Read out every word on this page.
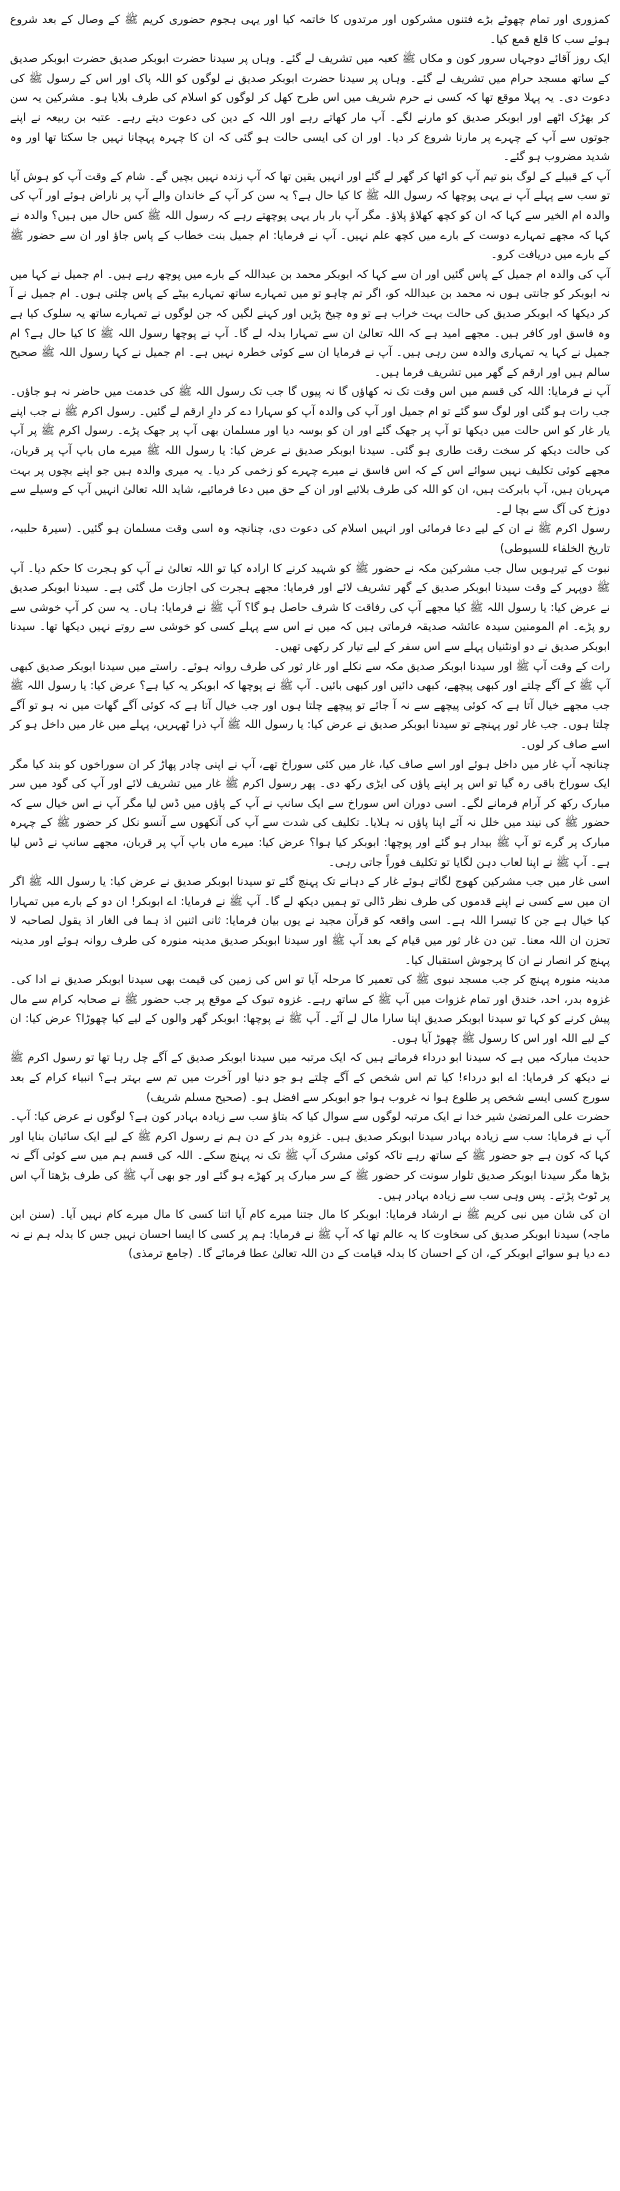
کمزوری اور تمام چھوٹے بڑے فتنوں مشرکوں اور مرتدوں کا خاتمہ کیا اور یہی ہجوم حضوری کریم ﷺ کے وصال کے بعد شروع ہوئے سب کا قلع قمع کیا۔

ایک روز آقائے دوجہاں سرور کون و مکاں ﷺ کعبہ میں تشریف لے گئے۔ وہاں پر سیدنا حضرت ابوبکر صدیق حضرت ابوبکر صدیق کے ساتھ مسجد حرام میں تشریف لے گئے۔ وہاں پر سیدنا حضرت ابوبکر صدیق نے لوگوں کو اللہ پاک اور اس کے رسول ﷺ کی دعوت دی۔ یہ پہلا موقع تھا کہ کسی نے حرم شریف میں اس طرح کھل کر لوگوں کو اسلام کی طرف بلایا ہو۔ مشرکین یہ سن کر بھڑک اٹھے اور ابوبکر صدیق کو مارنے لگے۔ آپ مار کھاتے رہے اور اللہ کے دین کی دعوت دیتے رہے۔ عتبہ بن ربیعہ نے اپنے جوتوں سے آپ کے چہرے پر مارنا شروع کر دیا۔ اور ان کی ایسی حالت ہو گئی کہ ان کا چہرہ پہچانا نہیں جا سکتا تھا اور وہ شدید مضروب ہو گئے۔

آپ کے قبیلے کے لوگ بنو تیم آپ کو اٹھا کر گھر لے گئے اور انہیں یقین تھا کہ آپ زندہ نہیں بچیں گے۔ شام کے وقت آپ کو ہوش آیا تو سب سے پہلے آپ نے یہی پوچھا کہ رسول اللہ ﷺ کا کیا حال ہے؟ یہ سن کر آپ کے خاندان والے آپ پر ناراض ہوئے اور آپ کی والدہ ام الخیر سے کہا کہ ان کو کچھ کھلاؤ پلاؤ۔ مگر آپ بار بار یہی پوچھتے رہے کہ رسول اللہ ﷺ کس حال میں ہیں؟ والدہ نے کہا کہ مجھے تمہارے دوست کے بارے میں کچھ علم نہیں۔ آپ نے فرمایا: ام جمیل بنت خطاب کے پاس جاؤ اور ان سے حضور ﷺ کے بارے میں دریافت کرو۔

آپ کی والدہ ام جمیل کے پاس گئیں اور ان سے کہا کہ ابوبکر محمد بن عبداللہ کے بارے میں پوچھ رہے ہیں۔ ام جمیل نے کہا میں نہ ابوبکر کو جانتی ہوں نہ محمد بن عبداللہ کو، اگر تم چاہو تو میں تمہارے ساتھ تمہارے بیٹے کے پاس چلتی ہوں۔ ام جمیل نے آ کر دیکھا کہ ابوبکر صدیق کی حالت بہت خراب ہے تو وہ چیخ پڑیں اور کہنے لگیں کہ جن لوگوں نے تمہارے ساتھ یہ سلوک کیا ہے وہ فاسق اور کافر ہیں۔ مجھے امید ہے کہ اللہ تعالیٰ ان سے تمہارا بدلہ لے گا۔ آپ نے پوچھا رسول اللہ ﷺ کا کیا حال ہے؟ ام جمیل نے کہا یہ تمہاری والدہ سن رہی ہیں۔ آپ نے فرمایا ان سے کوئی خطرہ نہیں ہے۔ ام جمیل نے کہا رسول اللہ ﷺ صحیح سالم ہیں اور ارقم کے گھر میں تشریف فرما ہیں۔

آپ نے فرمایا: اللہ کی قسم میں اس وقت تک نہ کھاؤں گا نہ پیوں گا جب تک رسول اللہ ﷺ کی خدمت میں حاضر نہ ہو جاؤں۔ جب رات ہو گئی اور لوگ سو گئے تو ام جمیل اور آپ کی والدہ آپ کو سہارا دے کر دارِ ارقم لے گئیں۔ رسول اکرم ﷺ نے جب اپنے یار غار کو اس حالت میں دیکھا تو آپ پر جھک گئے اور ان کو بوسہ دیا اور مسلمان بھی آپ پر جھک پڑے۔ رسول اکرم ﷺ پر آپ کی حالت دیکھ کر سخت رقت طاری ہو گئی۔ سیدنا ابوبکر صدیق نے عرض کیا: یا رسول اللہ ﷺ میرے ماں باپ آپ پر قربان، مجھے کوئی تکلیف نہیں سوائے اس کے کہ اس فاسق نے میرے چہرے کو زخمی کر دیا۔ یہ میری والدہ ہیں جو اپنے بچوں پر بہت مہربان ہیں، آپ بابرکت ہیں، ان کو اللہ کی طرف بلائیے اور ان کے حق میں دعا فرمائیے، شاید اللہ تعالیٰ انہیں آپ کے وسیلے سے دوزخ کی آگ سے بچا لے۔

رسول اکرم ﷺ نے ان کے لیے دعا فرمائی اور انہیں اسلام کی دعوت دی، چنانچہ وہ اسی وقت مسلمان ہو گئیں۔ (سیرۃ حلبیہ، تاریخ الخلفاء للسیوطی)

نبوت کے تیرہویں سال جب مشرکین مکہ نے حضور ﷺ کو شہید کرنے کا ارادہ کیا تو اللہ تعالیٰ نے آپ کو ہجرت کا حکم دیا۔ آپ ﷺ دوپہر کے وقت سیدنا ابوبکر صدیق کے گھر تشریف لائے اور فرمایا: مجھے ہجرت کی اجازت مل گئی ہے۔ سیدنا ابوبکر صدیق نے عرض کیا: یا رسول اللہ ﷺ کیا مجھے آپ کی رفاقت کا شرف حاصل ہو گا؟ آپ ﷺ نے فرمایا: ہاں۔ یہ سن کر آپ خوشی سے رو پڑے۔ ام المومنین سیدہ عائشہ صدیقہ فرماتی ہیں کہ میں نے اس سے پہلے کسی کو خوشی سے روتے نہیں دیکھا تھا۔ سیدنا ابوبکر صدیق نے دو اونٹنیاں پہلے سے اس سفر کے لیے تیار کر رکھی تھیں۔

رات کے وقت آپ ﷺ اور سیدنا ابوبکر صدیق مکہ سے نکلے اور غار ثور کی طرف روانہ ہوئے۔ راستے میں سیدنا ابوبکر صدیق کبھی آپ ﷺ کے آگے چلتے اور کبھی پیچھے، کبھی دائیں اور کبھی بائیں۔ آپ ﷺ نے پوچھا کہ ابوبکر یہ کیا ہے؟ عرض کیا: یا رسول اللہ ﷺ جب مجھے خیال آتا ہے کہ کوئی پیچھے سے نہ آ جائے تو پیچھے چلتا ہوں اور جب خیال آتا ہے کہ کوئی آگے گھات میں نہ ہو تو آگے چلتا ہوں۔ جب غار ثور پہنچے تو سیدنا ابوبکر صدیق نے عرض کیا: یا رسول اللہ ﷺ آپ ذرا ٹھہریں، پہلے میں غار میں داخل ہو کر اسے صاف کر لوں۔

چنانچہ آپ غار میں داخل ہوئے اور اسے صاف کیا، غار میں کئی سوراخ تھے، آپ نے اپنی چادر پھاڑ کر ان سوراخوں کو بند کیا مگر ایک سوراخ باقی رہ گیا تو اس پر اپنے پاؤں کی ایڑی رکھ دی۔ پھر رسول اکرم ﷺ غار میں تشریف لائے اور آپ کی گود میں سر مبارک رکھ کر آرام فرمانے لگے۔ اسی دوران اس سوراخ سے ایک سانپ نے آپ کے پاؤں میں ڈس لیا مگر آپ نے اس خیال سے کہ حضور ﷺ کی نیند میں خلل نہ آئے اپنا پاؤں نہ ہلایا۔ تکلیف کی شدت سے آپ کی آنکھوں سے آنسو نکل کر حضور ﷺ کے چہرہ مبارک پر گرے تو آپ ﷺ بیدار ہو گئے اور پوچھا: ابوبکر کیا ہوا؟ عرض کیا: میرے ماں باپ آپ پر قربان، مجھے سانپ نے ڈس لیا ہے۔ آپ ﷺ نے اپنا لعاب دہن لگایا تو تکلیف فوراً جاتی رہی۔

اسی غار میں جب مشرکین کھوج لگاتے ہوئے غار کے دہانے تک پہنچ گئے تو سیدنا ابوبکر صدیق نے عرض کیا: یا رسول اللہ ﷺ اگر ان میں سے کسی نے اپنے قدموں کی طرف نظر ڈالی تو ہمیں دیکھ لے گا۔ آپ ﷺ نے فرمایا: اے ابوبکر! ان دو کے بارے میں تمہارا کیا خیال ہے جن کا تیسرا اللہ ہے۔ اسی واقعہ کو قرآن مجید نے یوں بیان فرمایا: ثانی اثنین اذ ہما فی الغار اذ یقول لصاحبہ لا تحزن ان اللہ معنا۔ تین دن غار ثور میں قیام کے بعد آپ ﷺ اور سیدنا ابوبکر صدیق مدینہ منورہ کی طرف روانہ ہوئے اور مدینہ پہنچ کر انصار نے ان کا پرجوش استقبال کیا۔

مدینہ منورہ پہنچ کر جب مسجد نبوی ﷺ کی تعمیر کا مرحلہ آیا تو اس کی زمین کی قیمت بھی سیدنا ابوبکر صدیق نے ادا کی۔ غزوہ بدر، احد، خندق اور تمام غزوات میں آپ ﷺ کے ساتھ رہے۔ غزوہ تبوک کے موقع پر جب حضور ﷺ نے صحابہ کرام سے مال پیش کرنے کو کہا تو سیدنا ابوبکر صدیق اپنا سارا مال لے آئے۔ آپ ﷺ نے پوچھا: ابوبکر گھر والوں کے لیے کیا چھوڑا؟ عرض کیا: ان کے لیے اللہ اور اس کا رسول ﷺ چھوڑ آیا ہوں۔

حدیث مبارکہ میں ہے کہ سیدنا ابو درداء فرماتے ہیں کہ ایک مرتبہ میں سیدنا ابوبکر صدیق کے آگے چل رہا تھا تو رسول اکرم ﷺ نے دیکھ کر فرمایا: اے ابو درداء! کیا تم اس شخص کے آگے چلتے ہو جو دنیا اور آخرت میں تم سے بہتر ہے؟ انبیاء کرام کے بعد سورج کسی ایسے شخص پر طلوع ہوا نہ غروب ہوا جو ابوبکر سے افضل ہو۔ (صحیح مسلم شریف)

حضرت علی المرتضیٰ شیر خدا نے ایک مرتبہ لوگوں سے سوال کیا کہ بتاؤ سب سے زیادہ بہادر کون ہے؟ لوگوں نے عرض کیا: آپ۔ آپ نے فرمایا: سب سے زیادہ بہادر سیدنا ابوبکر صدیق ہیں۔ غزوہ بدر کے دن ہم نے رسول اکرم ﷺ کے لیے ایک سائبان بنایا اور کہا کہ کون ہے جو حضور ﷺ کے ساتھ رہے تاکہ کوئی مشرک آپ ﷺ تک نہ پہنچ سکے۔ اللہ کی قسم ہم میں سے کوئی آگے نہ بڑھا مگر سیدنا ابوبکر صدیق تلوار سونت کر حضور ﷺ کے سر مبارک پر کھڑے ہو گئے اور جو بھی آپ ﷺ کی طرف بڑھتا آپ اس پر ٹوٹ پڑتے۔ پس وہی سب سے زیادہ بہادر ہیں۔

ان کی شان میں نبی کریم ﷺ نے ارشاد فرمایا: ابوبکر کا مال جتنا میرے کام آیا اتنا کسی کا مال میرے کام نہیں آیا۔ (سنن ابن ماجہ) سیدنا ابوبکر صدیق کی سخاوت کا یہ عالم تھا کہ آپ ﷺ نے فرمایا: ہم پر کسی کا ایسا احسان نہیں جس کا بدلہ ہم نے نہ دے دیا ہو سوائے ابوبکر کے، ان کے احسان کا بدلہ قیامت کے دن اللہ تعالیٰ عطا فرمائے گا۔ (جامع ترمذی)
